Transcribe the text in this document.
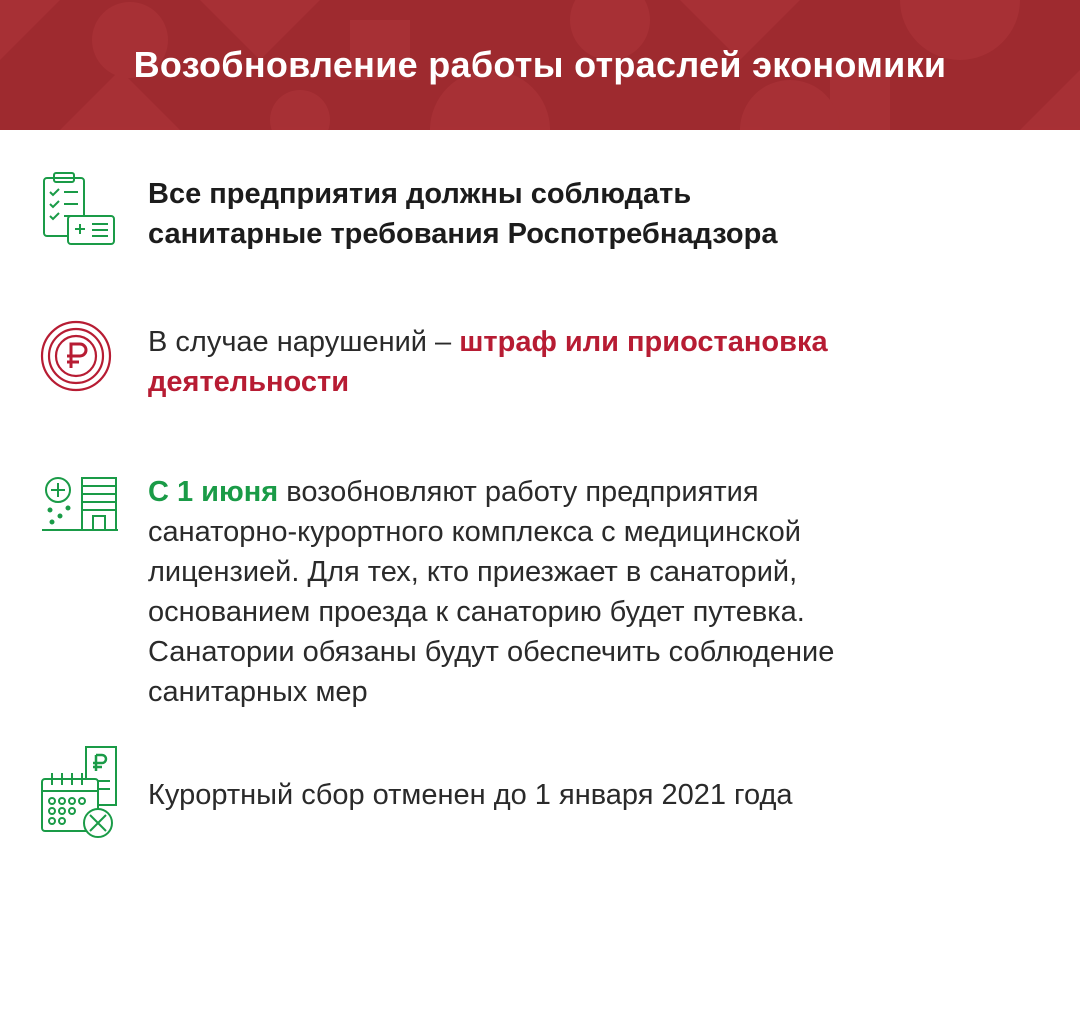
Возобновление работы отраслей экономики
Все предприятия должны соблюдать
санитарные требования Роспотребнадзора
В случае нарушений – штраф или приостановка
деятельности
С 1 июня возобновляют работу предприятия
санаторно-курортного комплекса с медицинской
лицензией. Для тех, кто приезжает в санаторий,
основанием проезда к санаторию будет путевка.
Санатории обязаны будут обеспечить соблюдение
санитарных мер
Курортный сбор отменен до 1 января 2021 года
